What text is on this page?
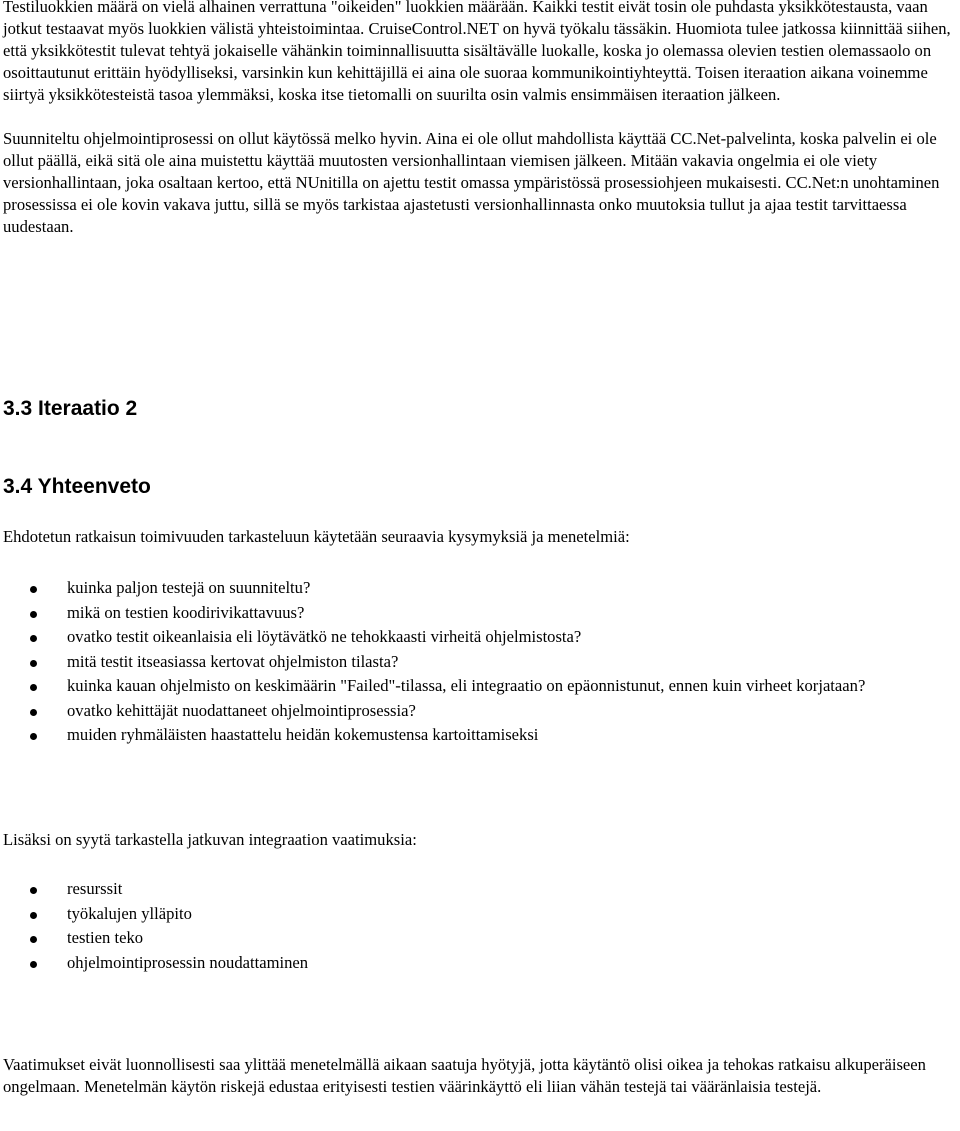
Testiluokkien määrä on vielä alhainen verrattuna "oikeiden" luokkien määrään. Kaikki testit eivät tosin ole puhdasta yksikkötestausta, vaan jotkut testaavat myös luokkien välistä yhteistoimintaa. CruiseControl.NET on hyvä työkalu tässäkin. Huomiota tulee jatkossa kiinnittää siihen, että yksikkötestit tulevat tehtyä jokaiselle vähänkin toiminnallisuutta sisältävälle luokalle, koska jo olemassa olevien testien olemassaolo on osoittautunut erittäin hyödylliseksi, varsinkin kun kehittäjillä ei aina ole suoraa kommunikointiyhteyttä. Toisen iteraation aikana voinemme siirtyä yksikkötesteistä tasoa ylemmäksi, koska itse tietomalli on suurilta osin valmis ensimmäisen iteraation jälkeen.

Suunniteltu ohjelmointiprosessi on ollut käytössä melko hyvin. Aina ei ole ollut mahdollista käyttää CC.Net-palvelinta, koska palvelin ei ole ollut päällä, eikä sitä ole aina muistettu käyttää muutosten versionhallintaan viemisen jälkeen. Mitään vakavia ongelmia ei ole viety versionhallintaan, joka osaltaan kertoo, että NUnitilla on ajettu testit omassa ympäristössä prosessiohjeen mukaisesti. CC.Net:n unohtaminen prosessissa ei ole kovin vakava juttu, sillä se myös tarkistaa ajastetusti versionhallinnasta onko muutoksia tullut ja ajaa testit tarvittaessa uudestaan.

3.3 Iteraatio 2
3.4 Yhteenveto

Ehdotetun ratkaisun toimivuuden tarkasteluun käytetään seuraavia kysymyksiä ja menetelmiä:

kuinka paljon testejä on suunniteltu?
mikä on testien koodirivikattavuus?
ovatko testit oikeanlaisia eli löytävätkö ne tehokkaasti virheitä ohjelmistosta?
mitä testit itseasiassa kertovat ohjelmiston tilasta?
kuinka kauan ohjelmisto on keskimäärin "Failed"-tilassa, eli integraatio on epäonnistunut, ennen kuin virheet korjataan?
ovatko kehittäjät nuodattaneet ohjelmointiprosessia?
muiden ryhmäläisten haastattelu heidän kokemustensa kartoittamiseksi

Lisäksi on syytä tarkastella jatkuvan integraation vaatimuksia:

resurssit
työkalujen ylläpito
testien teko
ohjelmointiprosessin noudattaminen

Vaatimukset eivät luonnollisesti saa ylittää menetelmällä aikaan saatuja hyötyjä, jotta käytäntö olisi oikea ja tehokas ratkaisu alkuperäiseen ongelmaan. Menetelmän käytön riskejä edustaa erityisesti testien väärinkäyttö eli liian vähän testejä tai vääränlaisia testejä.
